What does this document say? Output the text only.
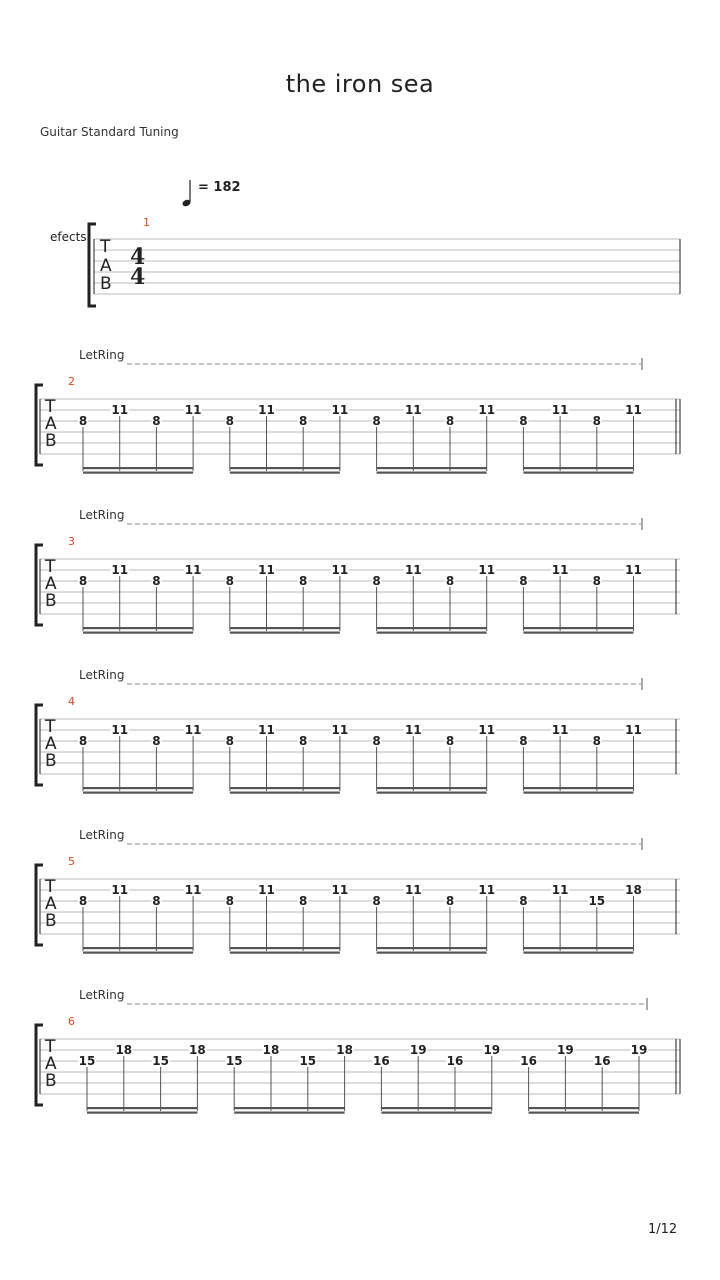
the iron sea
Guitar Standard Tuning
= 182
efects
1
T
A
B
4
4
LetRing
2
T
A
B
8
11
8
11
8
11
8
11
8
11
8
11
8
11
8
11
LetRing
3
T
A
B
8
11
8
11
8
11
8
11
8
11
8
11
8
11
8
11
LetRing
4
T
A
B
8
11
8
11
8
11
8
11
8
11
8
11
8
11
8
11
LetRing
5
T
A
B
8
11
8
11
8
11
8
11
8
11
8
11
8
11
15
18
LetRing
6
T
A
B
15
18
15
18
15
18
15
18
16
19
16
19
16
19
16
19
1/12
